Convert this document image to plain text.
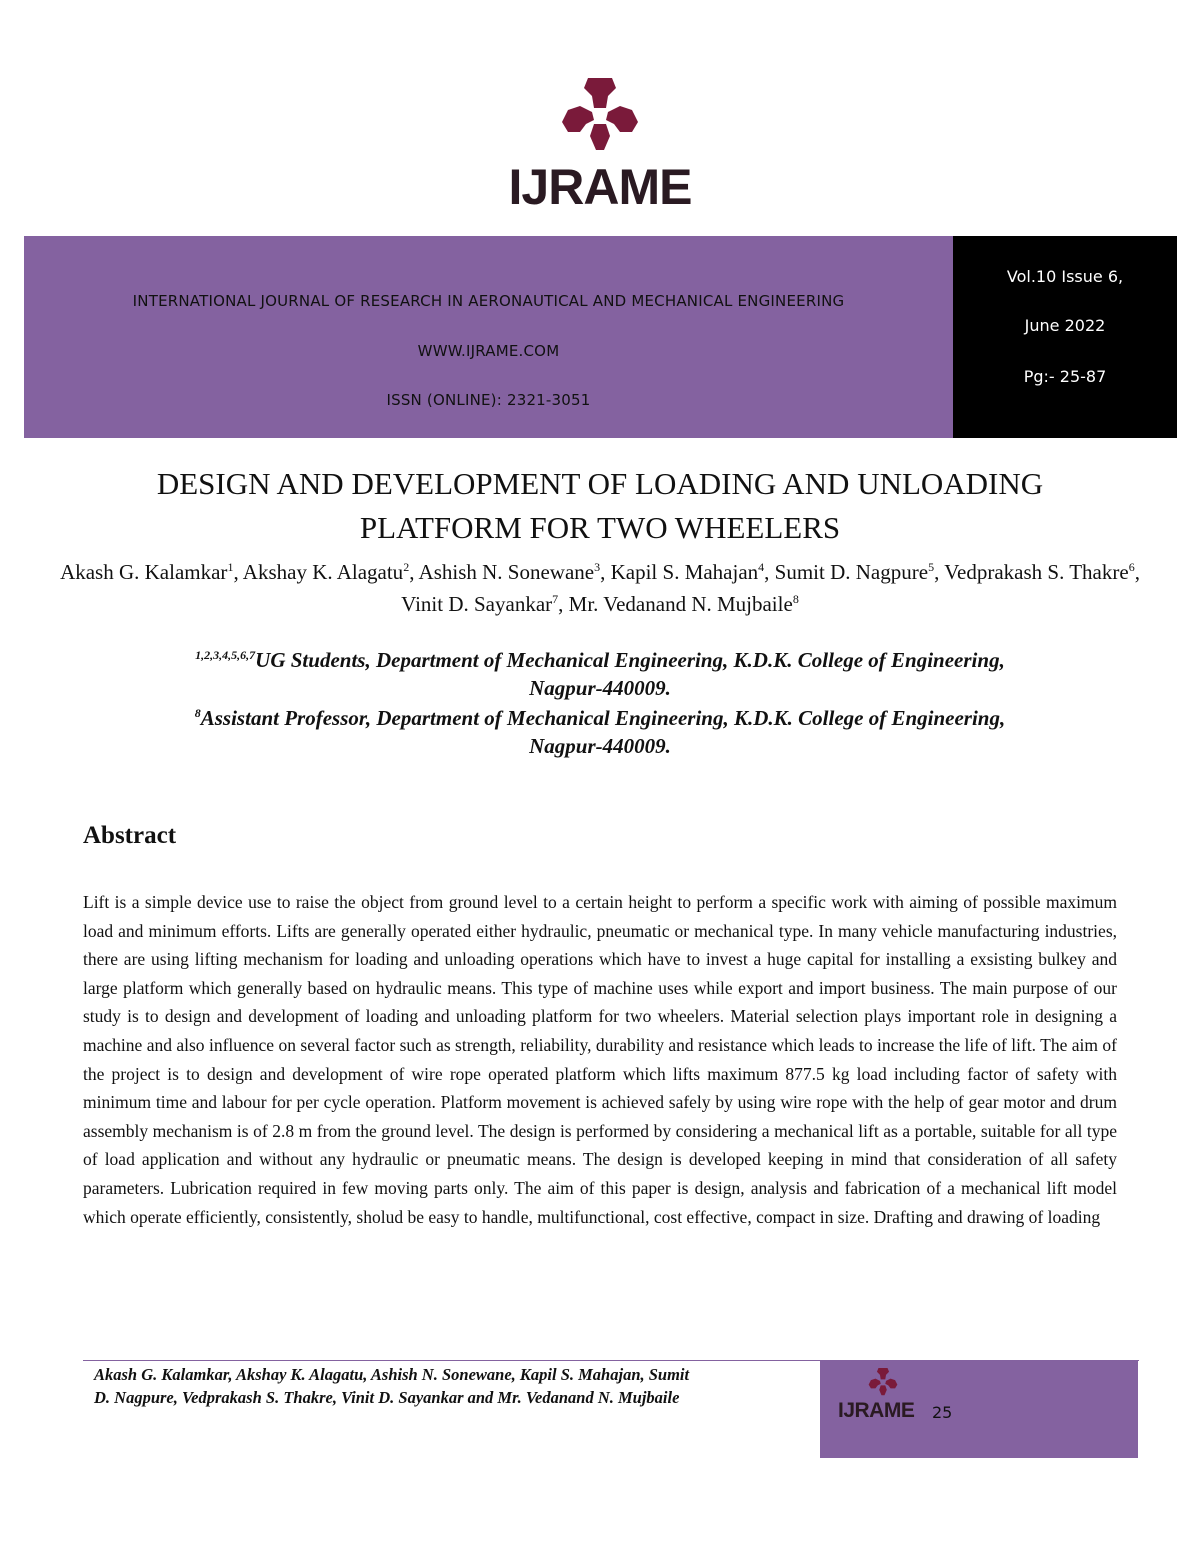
IJRAME
INTERNATIONAL JOURNAL OF RESEARCH IN AERONAUTICAL AND MECHANICAL ENGINEERING
WWW.IJRAME.COM
ISSN (ONLINE): 2321-3051
Vol.10 Issue 6,
June 2022
Pg:- 25-87
DESIGN AND DEVELOPMENT OF LOADING AND UNLOADING
PLATFORM FOR TWO WHEELERS
Akash G. Kalamkar$^1$, Akshay K. Alagatu$^2$, Ashish N. Sonewane$^3$, Kapil S. Mahajan$^4$, Sumit D. Nagpure$^5$, Vedprakash S. Thakre$^6$, Vinit D. Sayankar$^7$, Mr. Vedanand N. Mujbaile$^8$
$^{1,2,3,4,5,6,7}$UG Students, Department of Mechanical Engineering, K.D.K. College of Engineering,
Nagpur-440009.
$^8$Assistant Professor, Department of Mechanical Engineering, K.D.K. College of Engineering,
Nagpur-440009.
Abstract

Lift is a simple device use to raise the object from ground level to a certain height to perform a specific work with aiming of possible maximum load and minimum efforts. Lifts are generally operated either hydraulic, pneumatic or mechanical type. In many vehicle manufacturing industries, there are using lifting mechanism for loading and unloading operations which have to invest a huge capital for installing a exsisting bulkey and large platform which generally based on hydraulic means. This type of machine uses while export and import business. The main purpose of our study is to design and development of loading and unloading platform for two wheelers. Material selection plays important role in designing a machine and also influence on several factor such as strength, reliability, durability and resistance which leads to increase the life of lift. The aim of the project is to design and development of wire rope operated platform which lifts maximum 877.5 kg load including factor of safety with minimum time and labour for per cycle operation. Platform movement is achieved safely by using wire rope with the help of gear motor and drum assembly mechanism is of 2.8 m from the ground level. The design is performed by considering a mechanical lift as a portable, suitable for all type of load application and without any hydraulic or pneumatic means. The design is developed keeping in mind that consideration of all safety parameters. Lubrication required in few moving parts only. The aim of this paper is design, analysis and fabrication of a mechanical lift model which operate efficiently, consistently, sholud be easy to handle, multifunctional, cost effective, compact in size. Drafting and drawing of loading

Akash G. Kalamkar, Akshay K. Alagatu, Ashish N. Sonewane, Kapil S. Mahajan, Sumit
D. Nagpure, Vedprakash S. Thakre, Vinit D. Sayankar and Mr. Vedanand N. Mujbaile
IJRAME 25
